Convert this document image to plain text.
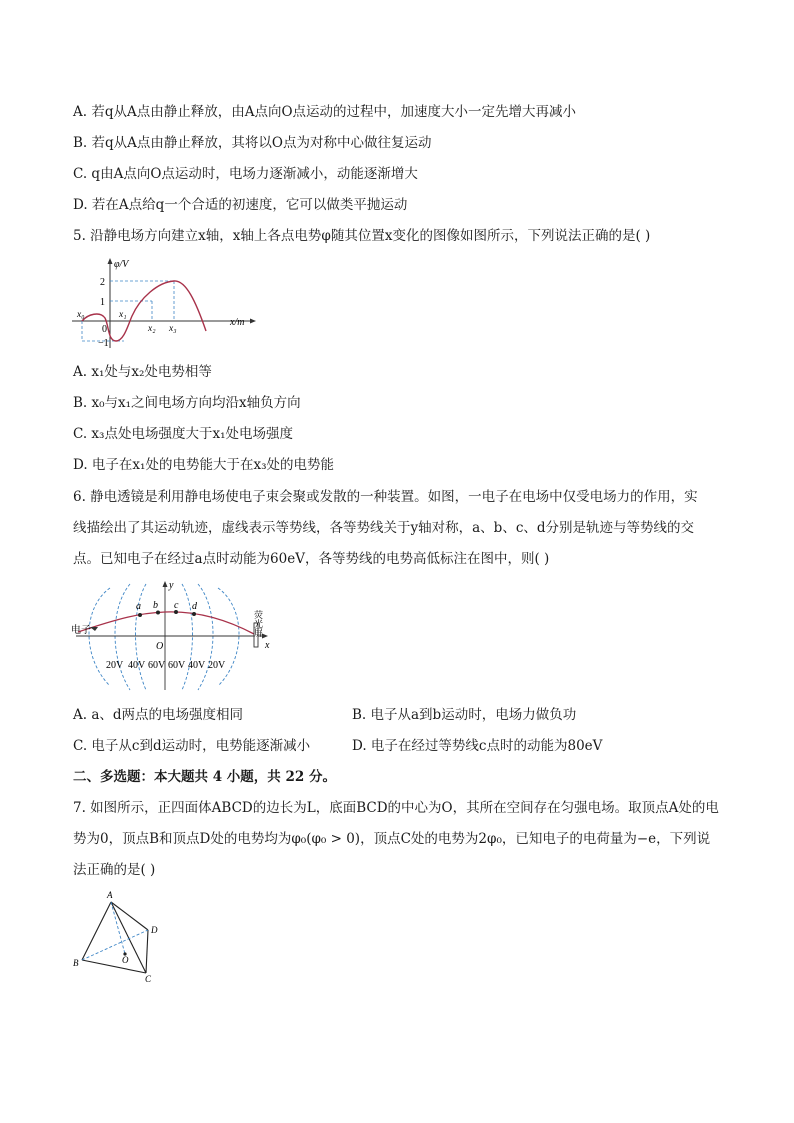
A. 若q从A点由静止释放，由A点向O点运动的过程中，加速度大小一定先增大再减小
B. 若q从A点由静止释放，其将以O点为对称中心做往复运动
C. q由A点向O点运动时，电场力逐渐减小，动能逐渐增大
D. 若在A点给q一个合适的初速度，它可以做类平抛运动
5. 沿静电场方向建立x轴，x轴上各点电势φ随其位置x变化的图像如图所示，下列说法正确的是( )
φ/V
x/m
2
1
0
−1
x₀	x₁
x₂ x₃
A. x₁处与x₂处电势相等
B. x₀与x₁之间电场方向均沿x轴负方向
C. x₃点处电场强度大于x₁处电场强度
D. 电子在x₁处的电势能大于在x₃处的电势能
6. 静电透镜是利用静电场使电子束会聚或发散的一种装置。如图，一电子在电场中仅受电场力的作用，实
线描绘出了其运动轨迹，虚线表示等势线，各等势线关于y轴对称，a、b、c、d分别是轨迹与等势线的交
点。已知电子在经过a点时动能为60eV，各等势线的电势高低标注在图中，则( )
电子	荧光屏
a b c d
y
x
O
20V 40V 60V 60V 40V 20V
A. a、d两点的电场强度相同	B. 电子从a到b运动时，电场力做负功
C. 电子从c到d运动时，电势能逐渐减小	D. 电子在经过等势线c点时的动能为80eV
二、多选题：本大题共 4 小题，共 22 分。
7. 如图所示，正四面体ABCD的边长为L，底面BCD的中心为O，其所在空间存在匀强电场。取顶点A处的电
势为0，顶点B和顶点D处的电势均为φ₀(φ₀ > 0)，顶点C处的电势为2φ₀，已知电子的电荷量为−e，下列说
法正确的是( )
A
B
C
D
O
